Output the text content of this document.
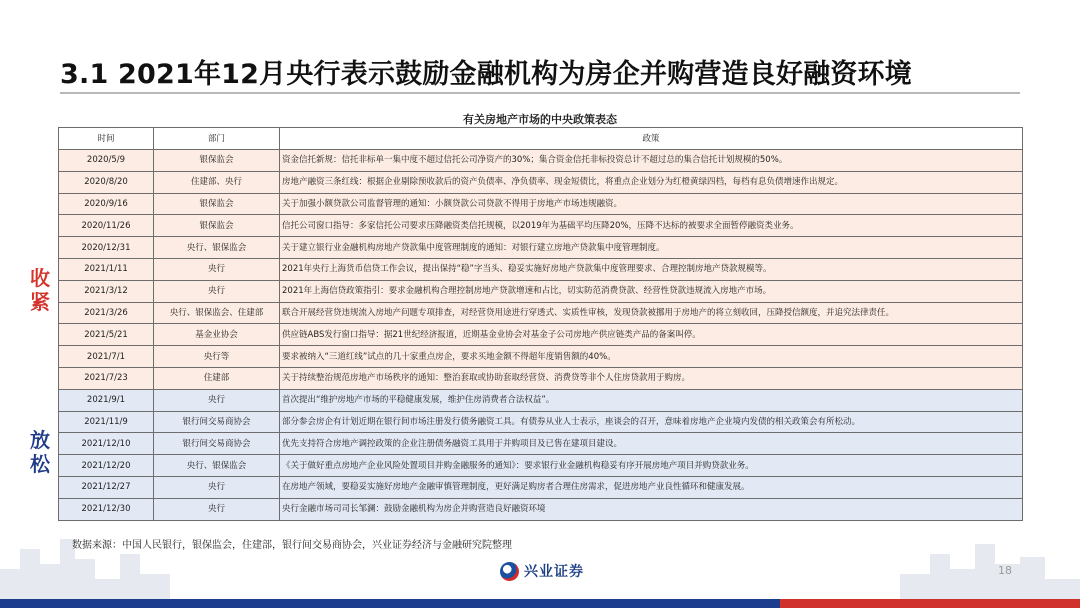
3.1 2021年12月央行表示鼓励金融机构为房企并购营造良好融资环境
有关房地产市场的中央政策表态
时间	部门	政策
2020/5/9	银保监会	资金信托新规：信托非标单一集中度不超过信托公司净资产的30%；集合资金信托非标投资总计不超过总的集合信托计划规模的50%。
2020/8/20	住建部、央行	房地产融资三条红线：根据企业剔除预收款后的资产负债率、净负债率、现金短债比，将重点企业划分为红橙黄绿四档，每档有息负债增速作出规定。
2020/9/16	银保监会	关于加强小额贷款公司监督管理的通知：小额贷款公司贷款不得用于房地产市场违规融资。
2020/11/26	银保监会	信托公司窗口指导：多家信托公司要求压降融资类信托规模，以2019年为基础平均压降20%，压降不达标的被要求全面暂停融资类业务。
2020/12/31	央行、银保监会	关于建立银行业金融机构房地产贷款集中度管理制度的通知：对银行建立房地产贷款集中度管理制度。
2021/1/11	央行	2021年央行上海货币信贷工作会议，提出保持“稳”字当头、稳妥实施好房地产贷款集中度管理要求、合理控制房地产贷款规模等。
2021/3/12	央行	2021年上海信贷政策指引：要求金融机构合理控制房地产贷款增速和占比，切实防范消费贷款、经营性贷款违规流入房地产市场。
2021/3/26	央行、银保监会、住建部	联合开展经营贷违规流入房地产问题专项排查，对经营贷用途进行穿透式、实质性审核，发现贷款被挪用于房地产的将立刻收回，压降授信额度，并追究法律责任。
2021/5/21	基金业协会	供应链ABS发行窗口指导：据21世纪经济报道，近期基金业协会对基金子公司房地产供应链类产品的备案叫停。
2021/7/1	央行等	要求被纳入“三道红线”试点的几十家重点房企，要求买地金额不得超年度销售额的40%。
2021/7/23	住建部	关于持续整治规范房地产市场秩序的通知：整治套取或协助套取经营贷、消费贷等非个人住房贷款用于购房。
2021/9/1	央行	首次提出“维护房地产市场的平稳健康发展，维护住房消费者合法权益”。
2021/11/9	银行间交易商协会	部分参会房企有计划近期在银行间市场注册发行债务融资工具。有债券从业人士表示，座谈会的召开，意味着房地产企业境内发债的相关政策会有所松动。
2021/12/10	银行间交易商协会	优先支持符合房地产调控政策的企业注册债务融资工具用于并购项目及已售在建项目建设。
2021/12/20	央行、银保监会	《关于做好重点房地产企业风险处置项目并购金融服务的通知》：要求银行业金融机构稳妥有序开展房地产项目并购贷款业务。
2021/12/27	央行	在房地产领域，要稳妥实施好房地产金融审慎管理制度，更好满足购房者合理住房需求，促进房地产业良性循环和健康发展。
2021/12/30	央行	央行金融市场司司长邹澜：鼓励金融机构为房企并购营造良好融资环境
收紧
放松
数据来源：中国人民银行，银保监会，住建部，银行间交易商协会，兴业证券经济与金融研究院整理
兴业证券	18
